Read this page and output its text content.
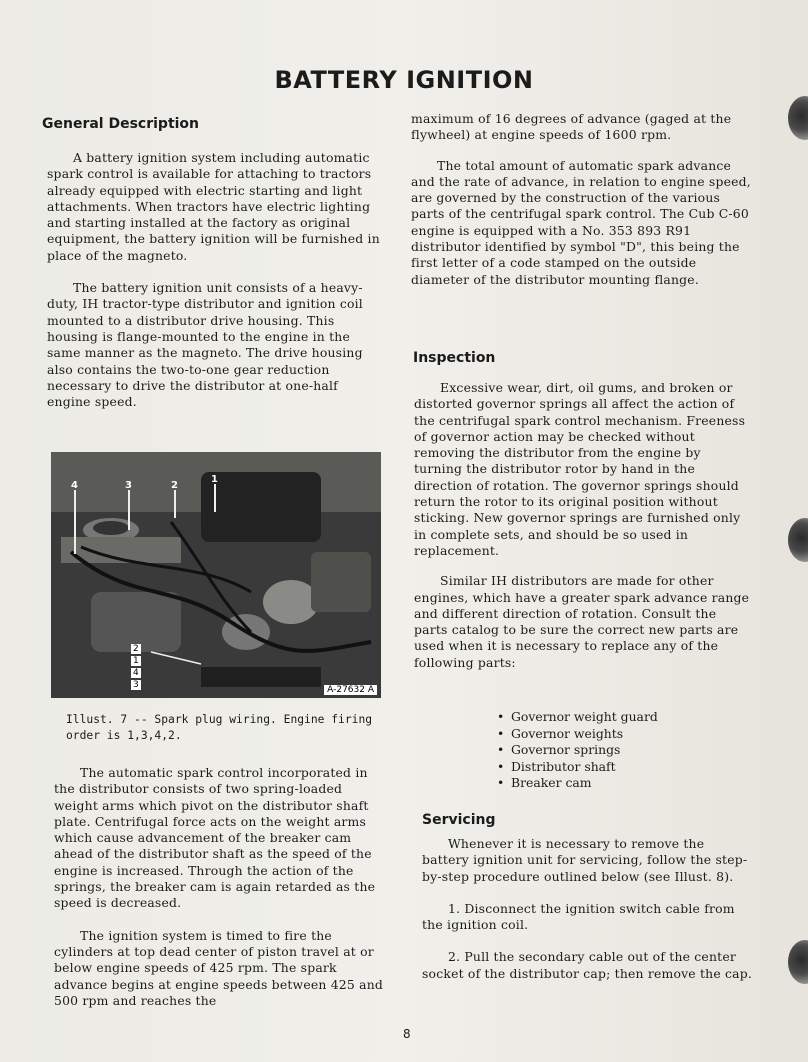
BATTERY IGNITION
General Description

A battery ignition system including automatic spark control is available for attaching to tractors already equipped with electric starting and light attachments. When tractors have electric lighting and starting installed at the factory as original equipment, the battery ignition will be furnished in place of the magneto.

The battery ignition unit consists of a heavy-duty, IH tractor-type distributor and ignition coil mounted to a distributor drive housing. This housing is flange-mounted to the engine in the same manner as the magneto. The drive housing also contains the two-to-one gear reduction necessary to drive the distributor at one-half engine speed.

4	3	2
1
2
1
4
3	A-27632 A
Illust. 7 -- Spark plug wiring. Engine firing order is 1,3,4,2.

The automatic spark control incorporated in the distributor consists of two spring-loaded weight arms which pivot on the distributor shaft plate. Centrifugal force acts on the weight arms which cause advancement of the breaker cam ahead of the distributor shaft as the speed of the engine is increased. Through the action of the springs, the breaker cam is again retarded as the speed is decreased.

The ignition system is timed to fire the cylinders at top dead center of piston travel at or below engine speeds of 425 rpm. The spark advance begins at engine speeds between 425 and 500 rpm and reaches the

maximum of 16 degrees of advance (gaged at the flywheel) at engine speeds of 1600 rpm.

The total amount of automatic spark advance and the rate of advance, in relation to engine speed, are governed by the construction of the various parts of the centrifugal spark control. The Cub C-60 engine is equipped with a No. 353 893 R91 distributor identified by symbol "D", this being the first letter of a code stamped on the outside diameter of the distributor mounting flange.

Inspection

Excessive wear, dirt, oil gums, and broken or distorted governor springs all affect the action of the centrifugal spark control mechanism. Freeness of governor action may be checked without removing the distributor from the engine by turning the distributor rotor by hand in the direction of rotation. The governor springs should return the rotor to its original position without sticking. New governor springs are furnished only in complete sets, and should be so used in replacement.

Similar IH distributors are made for other engines, which have a greater spark advance range and different direction of rotation. Consult the parts catalog to be sure the correct new parts are used when it is necessary to replace any of the following parts:

• Governor weight guard
• Governor weights
• Governor springs
• Distributor shaft
• Breaker cam
Servicing

Whenever it is necessary to remove the battery ignition unit for servicing, follow the step-by-step procedure outlined below (see Illust. 8).

1. Disconnect the ignition switch cable from the ignition coil.

2. Pull the secondary cable out of the center socket of the distributor cap; then remove the cap.

8
